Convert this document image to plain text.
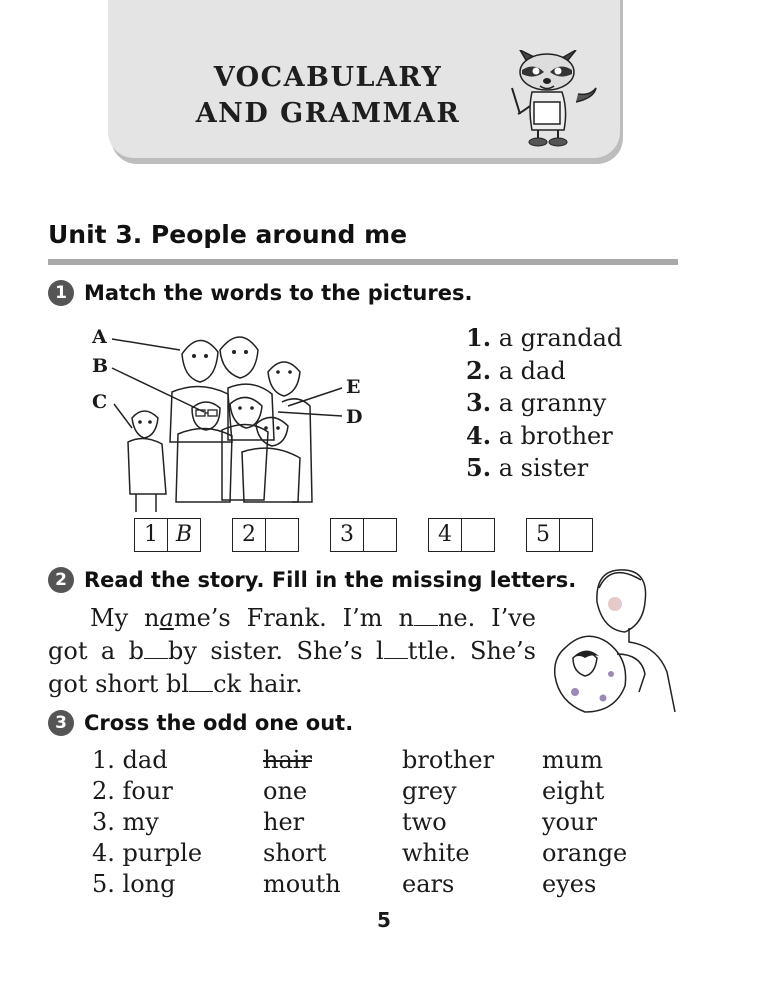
VOCABULARY
AND GRAMMAR
Unit 3. People around me
1 Match the words to the pictures.
A
B
C
E
D
1. a grandad
2. a dad
3. a granny
4. a brother
5. a sister
1 B	2	3	4	5
2 Read the story. Fill in the missing letters.

My name’s Frank. I’m n ne. I’ve got a b by sister. She’s l ttle. She’s got short bl ck hair.

3 Cross the odd one out.
1. dad	hair	brother	mum
2. four	one	grey	eight
3. my	her	two	your
4. purple	short	white	orange
5. long	mouth	ears	eyes
5
